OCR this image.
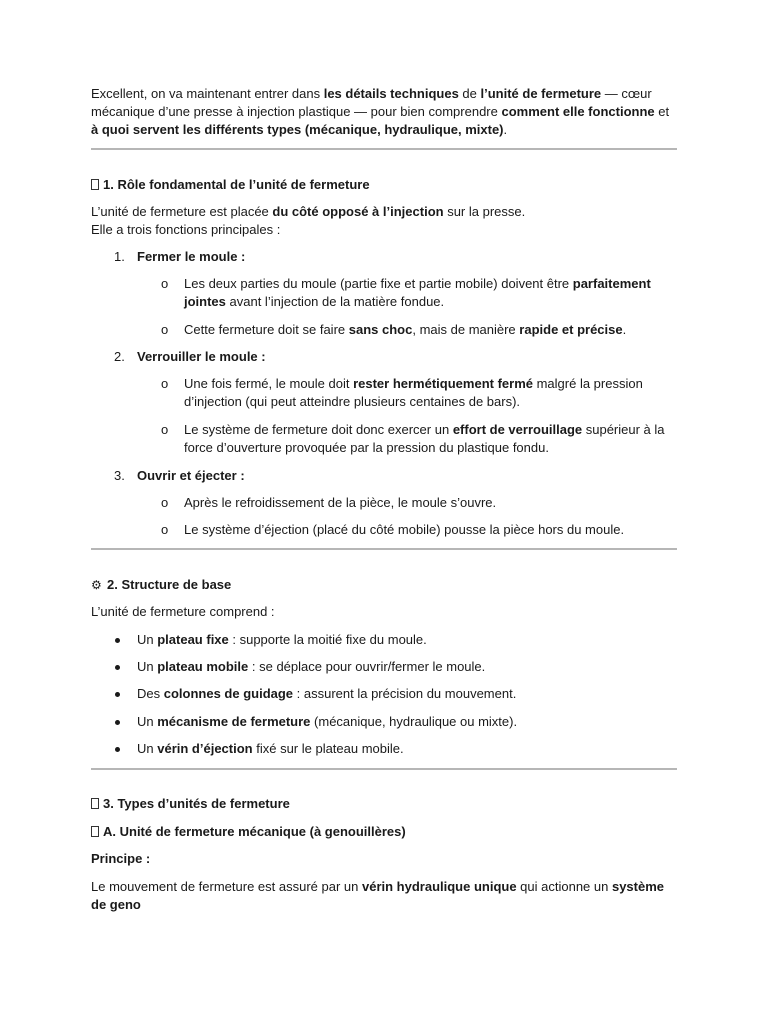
Excellent, on va maintenant entrer dans les détails techniques de l’unité de fermeture — cœur mécanique d’une presse à injection plastique — pour bien comprendre comment elle fonctionne et à quoi servent les différents types (mécanique, hydraulique, mixte).

1. Rôle fondamental de l’unité de fermeture

L’unité de fermeture est placée du côté opposé à l’injection sur la presse.
Elle a trois fonctions principales :

1. Fermer le moule :
o Les deux parties du moule (partie fixe et partie mobile) doivent être parfaitement jointes avant l’injection de la matière fondue.
o Cette fermeture doit se faire sans choc, mais de manière rapide et précise.
2. Verrouiller le moule :
o Une fois fermé, le moule doit rester hermétiquement fermé malgré la pression d’injection (qui peut atteindre plusieurs centaines de bars).
o Le système de fermeture doit donc exercer un effort de verrouillage supérieur à la force d’ouverture provoquée par la pression du plastique fondu.
3. Ouvrir et éjecter :
o Après le refroidissement de la pièce, le moule s’ouvre.
o Le système d’éjection (placé du côté mobile) pousse la pièce hors du moule.

⚙ 2. Structure de base

L’unité de fermeture comprend :

Un plateau fixe : supporte la moitié fixe du moule.
Un plateau mobile : se déplace pour ouvrir/fermer le moule.
Des colonnes de guidage : assurent la précision du mouvement.
Un mécanisme de fermeture (mécanique, hydraulique ou mixte).
Un vérin d’éjection fixé sur le plateau mobile.

3. Types d’unités de fermeture

A. Unité de fermeture mécanique (à genouillères)

Principe :

Le mouvement de fermeture est assuré par un vérin hydraulique unique qui actionne un système de geno
